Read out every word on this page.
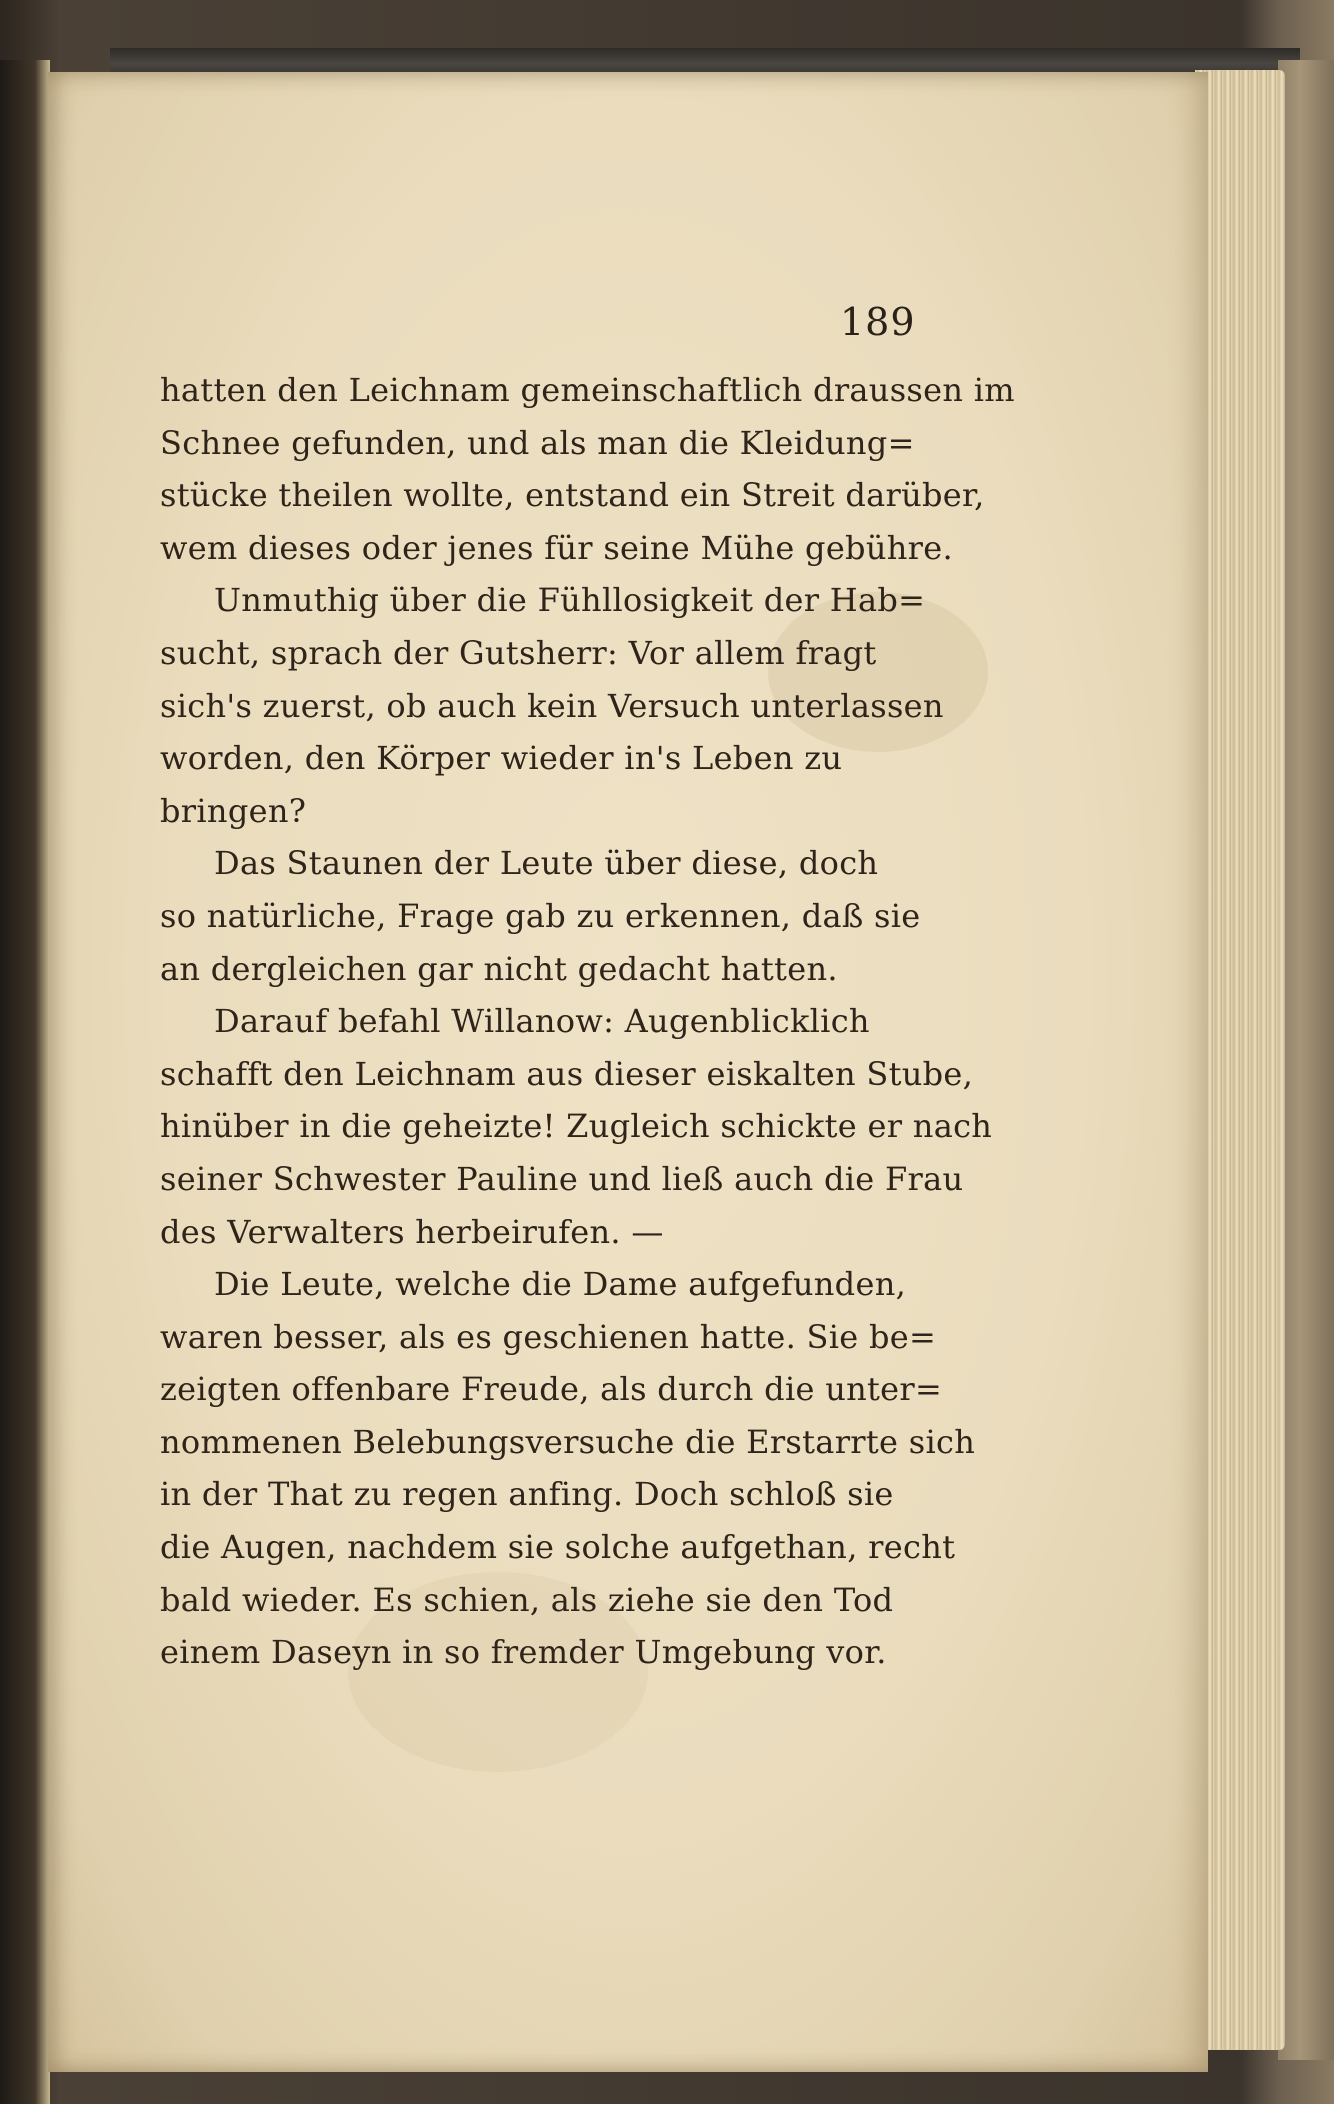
189
hatten den Leichnam gemeinschaftlich draussen im
Schnee gefunden, und als man die Kleidung=
stücke theilen wollte, entstand ein Streit darüber,
wem dieses oder jenes für seine Mühe gebühre.
Unmuthig über die Fühllosigkeit der Hab=
sucht, sprach der Gutsherr: Vor allem fragt
sich's zuerst, ob auch kein Versuch unterlassen
worden, den Körper wieder in's Leben zu
bringen?
Das Staunen der Leute über diese, doch
so natürliche, Frage gab zu erkennen, daß sie
an dergleichen gar nicht gedacht hatten.
Darauf befahl Willanow: Augenblicklich
schafft den Leichnam aus dieser eiskalten Stube,
hinüber in die geheizte! Zugleich schickte er nach
seiner Schwester Pauline und ließ auch die Frau
des Verwalters herbeirufen. —
Die Leute, welche die Dame aufgefunden,
waren besser, als es geschienen hatte. Sie be=
zeigten offenbare Freude, als durch die unter=
nommenen Belebungsversuche die Erstarrte sich
in der That zu regen anfing. Doch schloß sie
die Augen, nachdem sie solche aufgethan, recht
bald wieder. Es schien, als ziehe sie den Tod
einem Daseyn in so fremder Umgebung vor.
